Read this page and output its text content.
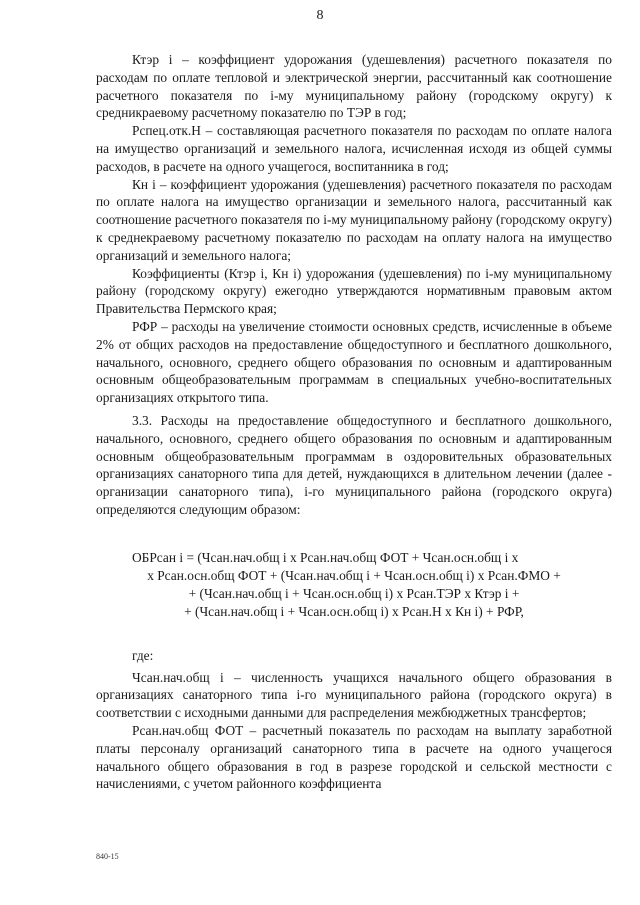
8

Ктэр i – коэффициент удорожания (удешевления) расчетного показателя по расходам по оплате тепловой и электрической энергии, рассчитанный как соотношение расчетного показателя по i-му муниципальному району (городскому округу) к средникраевому расчетному показателю по ТЭР в год;

Рспец.отк.Н – составляющая расчетного показателя по расходам по оплате налога на имущество организаций и земельного налога, исчисленная исходя из общей суммы расходов, в расчете на одного учащегося, воспитанника в год;

Кн i – коэффициент удорожания (удешевления) расчетного показателя по расходам по оплате налога на имущество организации и земельного налога, рассчитанный как соотношение расчетного показателя по i-му муниципальному району (городскому округу) к среднекраевому расчетному показателю по расходам на оплату налога на имущество организаций и земельного налога;

Коэффициенты (Ктэр i, Кн i) удорожания (удешевления) по i-му муниципальному району (городскому округу) ежегодно утверждаются нормативным правовым актом Правительства Пермского края;

РФР – расходы на увеличение стоимости основных средств, исчисленные в объеме 2% от общих расходов на предоставление общедоступного и бесплатного дошкольного, начального, основного, среднего общего образования по основным и адаптированным основным общеобразовательным программам в специальных учебно-воспитательных организациях открытого типа.

3.3. Расходы на предоставление общедоступного и бесплатного дошкольного, начального, основного, среднего общего образования по основным и адаптированным основным общеобразовательным программам в оздоровительных образовательных организациях санаторного типа для детей, нуждающихся в длительном лечении (далее - организации санаторного типа), i-го муниципального района (городского округа) определяются следующим образом:

ОБРсан i = (Чсан.нач.общ i х Рсан.нач.общ ФОТ + Чсан.осн.общ i х
х Рсан.осн.общ ФОТ + (Чсан.нач.общ i + Чсан.осн.общ i) х Рсан.ФМО +
+ (Чсан.нач.общ i + Чсан.осн.общ i) х Рсан.ТЭР х Ктэр i +
+ (Чсан.нач.общ i + Чсан.осн.общ i) х Рсан.Н х Кн i) + РФР,

где:

Чсан.нач.общ i – численность учащихся начального общего образования в организациях санаторного типа i-го муниципального района (городского округа) в соответствии с исходными данными для распределения межбюджетных трансфертов;

Рсан.нач.общ ФОТ – расчетный показатель по расходам на выплату заработной платы персоналу организаций санаторного типа в расчете на одного учащегося начального общего образования в год в разрезе городской и сельской местности с начислениями, с учетом районного коэффициента

840-15
